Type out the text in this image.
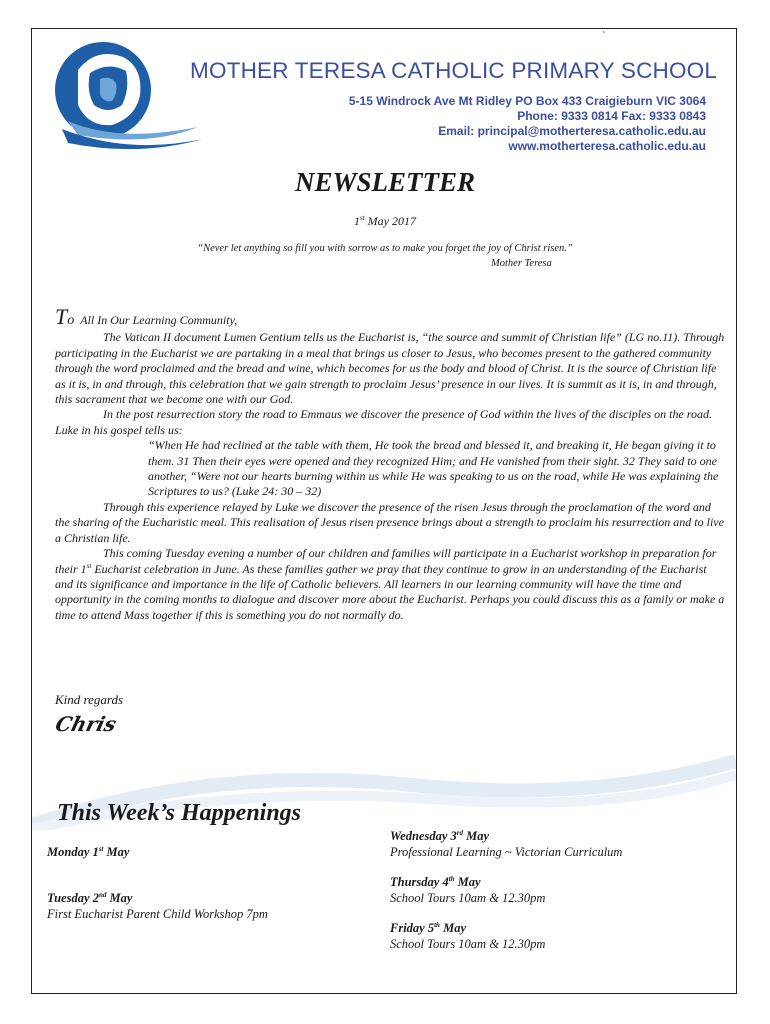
`
MOTHER TERESA CATHOLIC PRIMARY SCHOOL
5-15 Windrock Ave Mt Ridley PO Box 433 Craigieburn VIC 3064
Phone: 9333 0814 Fax: 9333 0843
Email: principal@motherteresa.catholic.edu.au
www.motherteresa.catholic.edu.au
NEWSLETTER
1st May 2017
“Never let anything so fill you with sorrow as to make you forget the joy of Christ risen.”
Mother Teresa

To All In Our Learning Community,

The Vatican II document Lumen Gentium tells us the Eucharist is, “the source and summit of Christian life” (LG no.11). Through participating in the Eucharist we are partaking in a meal that brings us closer to Jesus, who becomes present to the gathered community through the word proclaimed and the bread and wine, which becomes for us the body and blood of Christ. It is the source of Christian life as it is, in and through, this celebration that we gain strength to proclaim Jesus’ presence in our lives. It is summit as it is, in and through, this sacrament that we become one with our God.

In the post resurrection story the road to Emmaus we discover the presence of God within the lives of the disciples on the road. Luke in his gospel tells us:

“When He had reclined at the table with them, He took the bread and blessed it, and breaking it, He began giving it to them. 31 Then their eyes were opened and they recognized Him; and He vanished from their sight. 32 They said to one another, “Were not our hearts burning within us while He was speaking to us on the road, while He was explaining the Scriptures to us? (Luke 24: 30 – 32)

Through this experience relayed by Luke we discover the presence of the risen Jesus through the proclamation of the word and the sharing of the Eucharistic meal. This realisation of Jesus risen presence brings about a strength to proclaim his resurrection and to live a Christian life.

This coming Tuesday evening a number of our children and families will participate in a Eucharist workshop in preparation for their 1st Eucharist celebration in June. As these families gather we pray that they continue to grow in an understanding of the Eucharist and its significance and importance in the life of Catholic believers. All learners in our learning community will have the time and opportunity in the coming months to dialogue and discover more about the Eucharist. Perhaps you could discuss this as a family or make a time to attend Mass together if this is something you do not normally do.

Kind regards
Chris
This Week’s Happenings
Monday 1st May
Tuesday 2nd May
First Eucharist Parent Child Workshop 7pm
Wednesday 3rd May
Professional Learning ~ Victorian Curriculum
Thursday 4th May
School Tours 10am & 12.30pm
Friday 5th May
School Tours 10am & 12.30pm
